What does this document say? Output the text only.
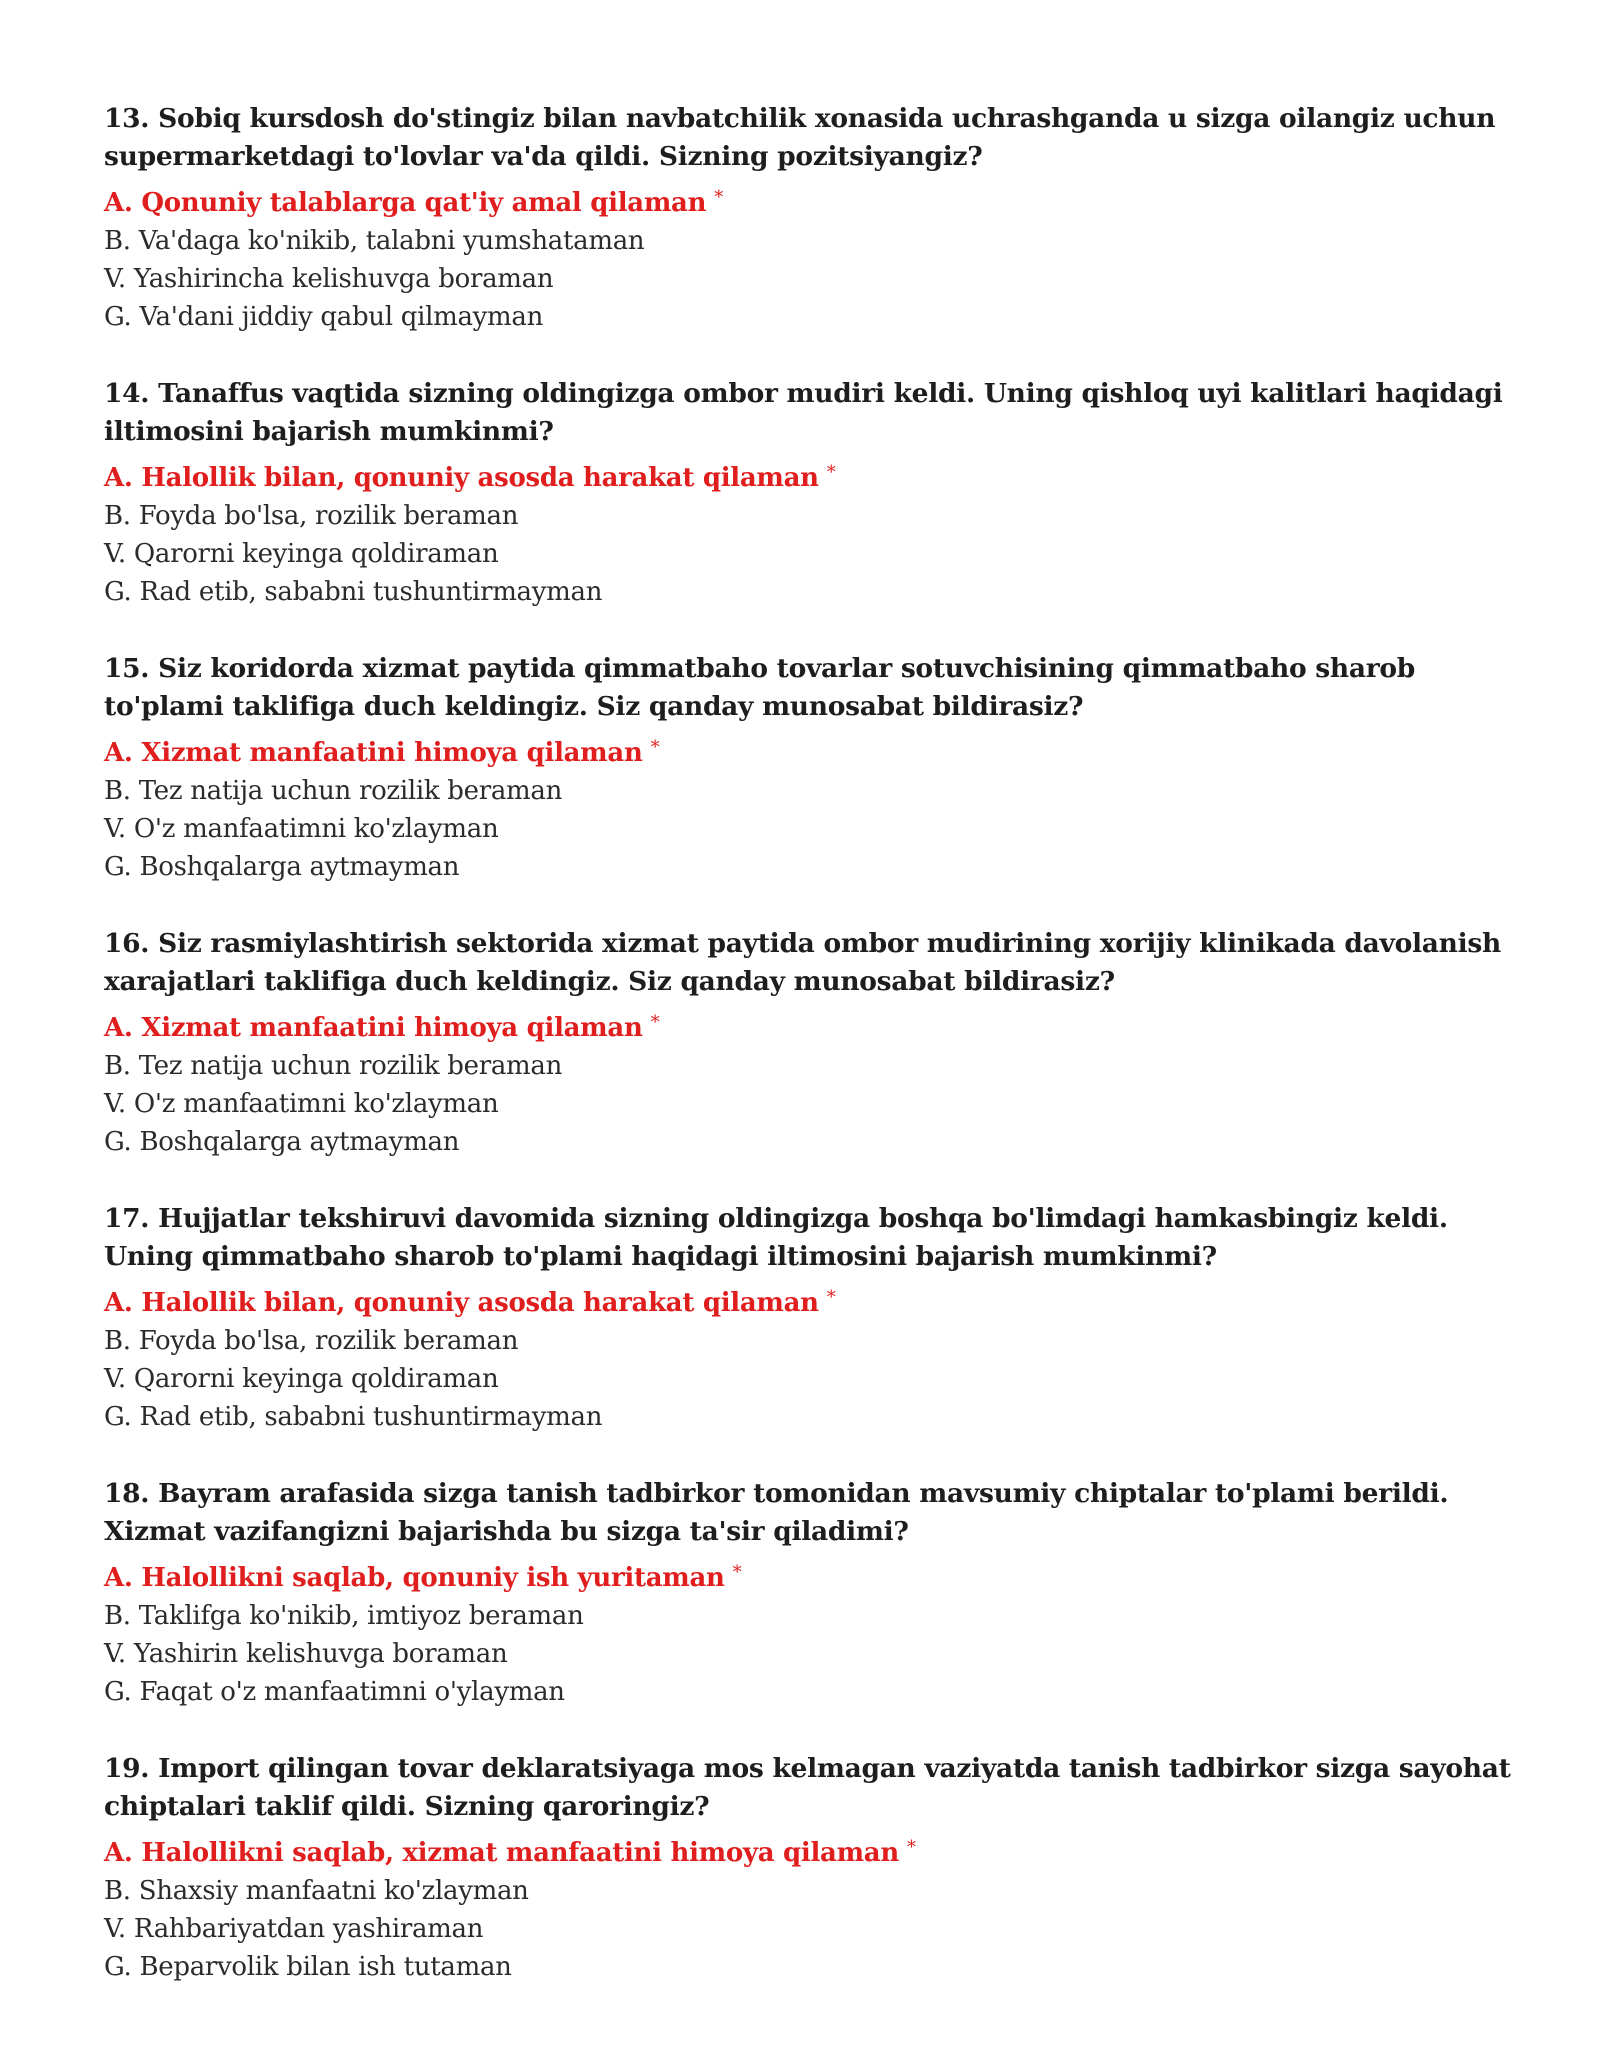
13. Sobiq kursdosh do'stingiz bilan navbatchilik xonasida uchrashganda u sizga oilangiz uchun supermarketdagi to'lovlar va'da qildi. Sizning pozitsiyangiz?

A. Qonuniy talablarga qat'iy amal qilaman *

B. Va'daga ko'nikib, talabni yumshataman

V. Yashirincha kelishuvga boraman

G. Va'dani jiddiy qabul qilmayman

14. Tanaffus vaqtida sizning oldingizga ombor mudiri keldi. Uning qishloq uyi kalitlari haqidagi iltimosini bajarish mumkinmi?

A. Halollik bilan, qonuniy asosda harakat qilaman *

B. Foyda bo'lsa, rozilik beraman

V. Qarorni keyinga qoldiraman

G. Rad etib, sababni tushuntirmayman

15. Siz koridorda xizmat paytida qimmatbaho tovarlar sotuvchisining qimmatbaho sharob to'plami taklifiga duch keldingiz. Siz qanday munosabat bildirasiz?

A. Xizmat manfaatini himoya qilaman *

B. Tez natija uchun rozilik beraman

V. O'z manfaatimni ko'zlayman

G. Boshqalarga aytmayman

16. Siz rasmiylashtirish sektorida xizmat paytida ombor mudirining xorijiy klinikada davolanish xarajatlari taklifiga duch keldingiz. Siz qanday munosabat bildirasiz?

A. Xizmat manfaatini himoya qilaman *

B. Tez natija uchun rozilik beraman

V. O'z manfaatimni ko'zlayman

G. Boshqalarga aytmayman

17. Hujjatlar tekshiruvi davomida sizning oldingizga boshqa bo'limdagi hamkasbingiz keldi. Uning qimmatbaho sharob to'plami haqidagi iltimosini bajarish mumkinmi?

A. Halollik bilan, qonuniy asosda harakat qilaman *

B. Foyda bo'lsa, rozilik beraman

V. Qarorni keyinga qoldiraman

G. Rad etib, sababni tushuntirmayman

18. Bayram arafasida sizga tanish tadbirkor tomonidan mavsumiy chiptalar to'plami berildi. Xizmat vazifangizni bajarishda bu sizga ta'sir qiladimi?

A. Halollikni saqlab, qonuniy ish yuritaman *

B. Taklifga ko'nikib, imtiyoz beraman

V. Yashirin kelishuvga boraman

G. Faqat o'z manfaatimni o'ylayman

19. Import qilingan tovar deklaratsiyaga mos kelmagan vaziyatda tanish tadbirkor sizga sayohat chiptalari taklif qildi. Sizning qaroringiz?

A. Halollikni saqlab, xizmat manfaatini himoya qilaman *

B. Shaxsiy manfaatni ko'zlayman

V. Rahbariyatdan yashiraman

G. Beparvolik bilan ish tutaman
